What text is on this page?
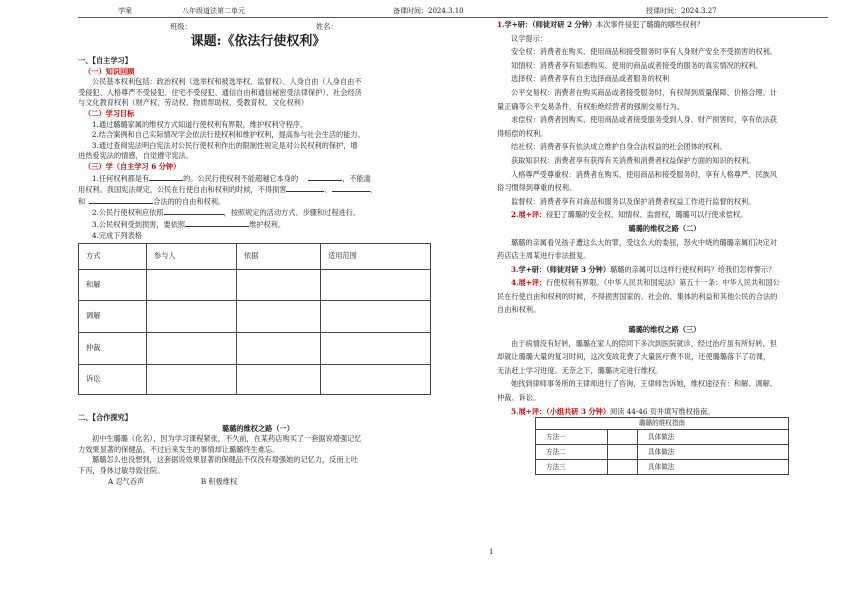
学案	八年级道法第二单元	备课时间：2024.3.10	授课时间：2024.3.27
班级：	姓名：
课题:《依法行使权利》
一、【自主学习】
（一）知识回顾
公民基本权利包括：政治权利（选举权和被选举权、监督权）、人身自由（人身自由不
受侵犯、人格尊严不受侵犯、住宅不受侵犯、通信自由和通信秘密受法律保护）、社会经济
与文化教育权利（财产权、劳动权、物质帮助权、受教育权、文化权利）
（二）学习目标
1.通过璐璐家属的维权方式知道行使权利有界限，维护权利守程序。
2.结合案例和自己实际情况学会依法行使权利和维护权利，提高参与社会生活的能力。
3.通过查阅宪法明白宪法对公民行使权利作出的限制性规定是对公民权利的保护，增
进热爱宪法的情感，自觉遵守宪法。
（三）学（自主学习 6 分钟）
1.任何权利都是有	的。公民行使权利不能超越它本身的	，不能滥
用权利。我国宪法规定，公民在行使自由和权利的时候，不得损害	、	、
和	合法的的自由和权利。
2.公民行使权利应依照	，按照规定的活动方式、步骤和过程进行。
3.公民权利受到损害，要依照	维护权利。
4.完成下列表格
方式	参与人	依据	适用范围
和解			
调解			
仲裁			
诉讼			
二、【合作探究】
璐璐的维权之路（一）
初中生璐璐（化名），因为学习课程紧张，不久前，在某药店购买了一套据说增强记忆
力效果显著的保健品，不过后来发生的事情却让璐璐终生难忘。
璐璐怎么也没想到，这套据说效果显著的保健品不仅没有增强她的记忆力，反而上吐
下泻，身体过敏导致住院。
A 忍气吞声	B 积极维权
1.学+研：（师徒对研 2 分钟）本次事件侵犯了璐璐的哪些权利？
议学提示：
安全权：消费者在购买、使用商品和接受服务时享有人身财产安全不受损害的权利。
知情权：消费者享有知悉购买、使用的商品或者接受的服务的真实情况的权利。
选择权：消费者享有自主选择商品或者服务的权利
公平交易权：消费者在购买商品或者接受服务时，有权得到质量保障、价格合理、计
量正确等公平交易条件，有权拒绝经营者的强制交易行为。
求偿权：消费者因购买、使用商品或者接受服务受到人身、财产损害时，享有依法获
得赔偿的权利。
结社权：消费者享有依法成立维护自身合法权益的社会团体的权利。
获取知识权：消费者享有获得有关消费和消费者权益保护方面的知识的权利。
人格尊严受尊重权：消费者在购买、使用商品和接受服务时，享有人格尊严、民族风
俗习惯得到尊重的权利。
监督权：消费者享有对商品和服务以及保护消费者权益工作进行监督的权利。
2.展+评：侵犯了璐璐的安全权、知情权、监督权，璐璐可以行使求偿权。
璐璐的维权之路（二）
璐璐的亲属看见孩子遭这么大的罪，受这么大的委屈，怒火中烧的璐璐亲属们决定对
药店店主周某进行非法报复。
3.学+研：（师徒对研 3 分钟）璐璐的亲属可以这样行使权利吗？给我们怎样警示？
4.展+评：行使权利有界限。《中华人民共和国宪法》第五十一条：中华人民共和国公
民在行使自由和权利的时候，不得损害国家的、社会的、集体的利益和其他公民的合法的
自由和权利。
璐璐的维权之路（三）
由于病情没有好转，璐璐在家人的陪同下多次到医院就诊，经过治疗虽有所好转，但
却就让璐璐大量的复习时间，这次变故花费了大量医疗费不说，还使璐璐落下了功课，
无法赶上学习进度。无奈之下，璐璐决定进行维权。
她找到律师事务所的王律师进行了咨询，王律师告诉她，维权途径有：和解、调解、
仲裁、诉讼。
5.展+评：（小组共研 3 分钟）阅读 44-46 页并填写维权指南。
璐璐的维权指南		
方法一		具体做法
方法二		具体做法
方法三		具体做法
1
